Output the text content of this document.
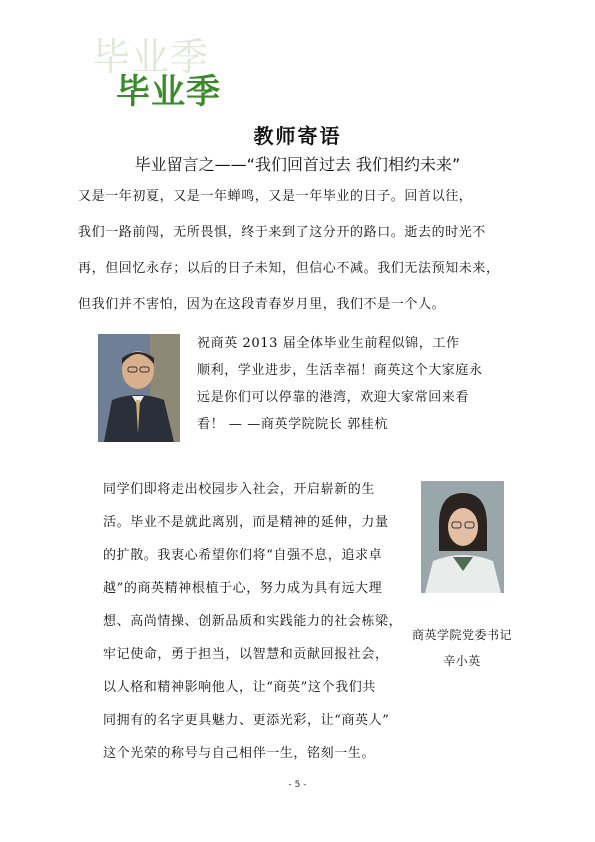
毕业季
毕业季
教师寄语
毕业留言之——“我们回首过去 我们相约未来”

又是一年初夏，又是一年蝉鸣，又是一年毕业的日子。回首以往，

我们一路前闯，无所畏惧，终于来到了这分开的路口。逝去的时光不

再，但回忆永存；以后的日子未知，但信心不减。我们无法预知未来，

但我们并不害怕，因为在这段青春岁月里，我们不是一个人。

祝商英 2013 届全体毕业生前程似锦，工作

顺利，学业进步，生活幸福！商英这个大家庭永

远是你们可以停靠的港湾，欢迎大家常回来看

看！ — —商英学院院长 郭桂杭

同学们即将走出校园步入社会，开启崭新的生

活。毕业不是就此离别，而是精神的延伸，力量

的扩散。我衷心希望你们将“自强不息，追求卓

越”的商英精神根植于心，努力成为具有远大理

想、高尚情操、创新品质和实践能力的社会栋梁，

牢记使命，勇于担当，以智慧和贡献回报社会，

以人格和精神影响他人，让“商英”这个我们共

同拥有的名字更具魅力、更添光彩，让“商英人”

这个光荣的称号与自己相伴一生，铭刻一生。

商英学院党委书记

辛小英

- 5 -
